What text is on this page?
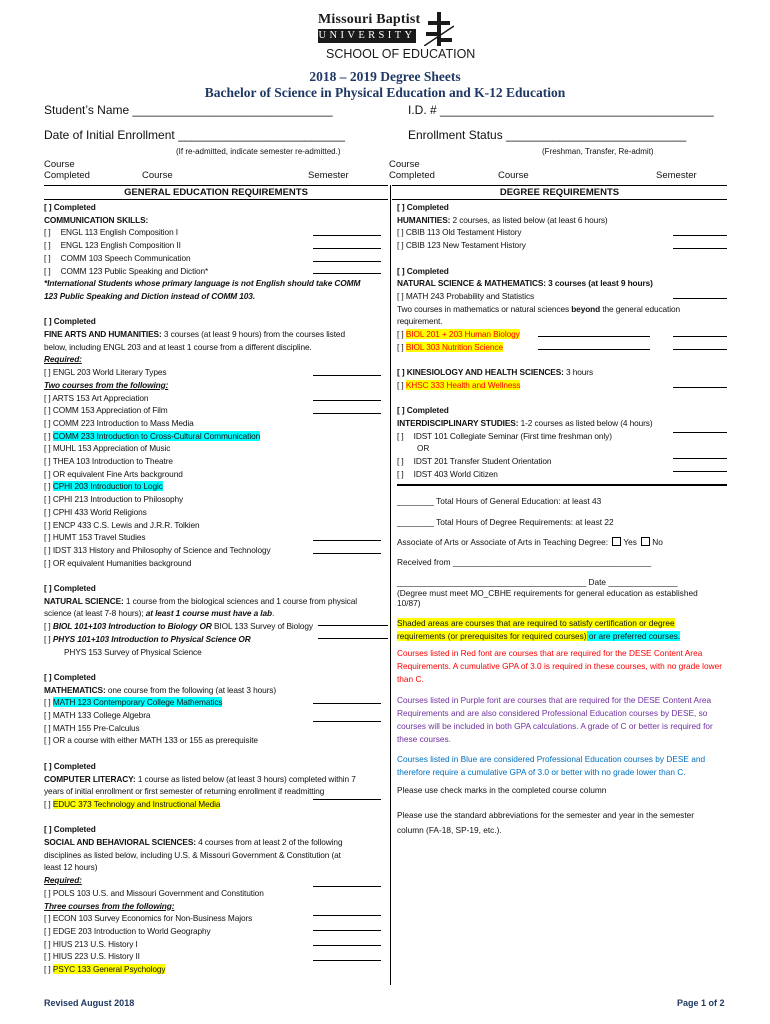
Missouri Baptist
UNIVERSITY
SCHOOL OF EDUCATION
2018 – 2019 Degree Sheets
Bachelor of Science in Physical Education and K-12 Education
Student’s Name ______________________________	I.D. # _________________________________________
Date of Initial Enrollment _________________________	Enrollment Status ___________________________
(If re-admitted, indicate semester re-admitted.)	(Freshman, Transfer, Re-admit)
Course
Completed	Course	Semester
Course
Completed	Course	Semester
GENERAL EDUCATION REQUIREMENTS	DEGREE REQUIREMENTS
[ ] Completed
COMMUNICATION SKILLS:
[ ] ENGL 113 English Composition I
[ ] ENGL 123 English Composition II
[ ] COMM 103 Speech Communication
[ ] COMM 123 Public Speaking and Diction*
*International Students whose primary language is not English should take COMM
123 Public Speaking and Diction instead of COMM 103.
[ ] Completed
FINE ARTS AND HUMANITIES: 3 courses (at least 9 hours) from the courses listed
below, including ENGL 203 and at least 1 course from a different discipline.
Required:
[ ] ENGL 203 World Literary Types
Two courses from the following:
[ ] ARTS 153 Art Appreciation
[ ] COMM 153 Appreciation of Film
[ ] COMM 223 Introduction to Mass Media
[ ] COMM 233 Introduction to Cross-Cultural Communication
[ ] MUHL 153 Appreciation of Music
[ ] THEA 103 Introduction to Theatre
[ ] OR equivalent Fine Arts background
[ ] CPHI 203 Introduction to Logic
[ ] CPHI 213 Introduction to Philosophy
[ ] CPHI 433 World Religions
[ ] ENCP 433 C.S. Lewis and J.R.R. Tolkien
[ ] HUMT 153 Travel Studies
[ ] IDST 313 History and Philosophy of Science and Technology
[ ] OR equivalent Humanities background
[ ] Completed
NATURAL SCIENCE: 1 course from the biological sciences and 1 course from physical
science (at least 7-8 hours); at least 1 course must have a lab.
[ ] BIOL 101+103 Introduction to Biology OR BIOL 133 Survey of Biology
[ ] PHYS 101+103 Introduction to Physical Science OR
PHYS 153 Survey of Physical Science
[ ] Completed
MATHEMATICS: one course from the following (at least 3 hours)
[ ] MATH 123 Contemporary College Mathematics
[ ] MATH 133 College Algebra
[ ] MATH 155 Pre-Calculus
[ ] OR a course with either MATH 133 or 155 as prerequisite
[ ] Completed
COMPUTER LITERACY: 1 course as listed below (at least 3 hours) completed within 7
years of initial enrollment or first semester of returning enrollment if readmitting
[ ] EDUC 373 Technology and Instructional Media
[ ] Completed
SOCIAL AND BEHAVIORAL SCIENCES: 4 courses from at least 2 of the following
disciplines as listed below, including U.S. & Missouri Government & Constitution (at
least 12 hours)
Required:
[ ] POLS 103 U.S. and Missouri Government and Constitution
Three courses from the following:
[ ] ECON 103 Survey Economics for Non-Business Majors
[ ] EDGE 203 Introduction to World Geography
[ ] HIUS 213 U.S. History I
[ ] HIUS 223 U.S. History II
[ ] PSYC 133 General Psychology
[ ] Completed
HUMANITIES: 2 courses, as listed below (at least 6 hours)
[ ] CBIB 113 Old Testament History
[ ] CBIB 123 New Testament History
[ ] Completed
NATURAL SCIENCE & MATHEMATICS: 3 courses (at least 9 hours)
[ ] MATH 243 Probability and Statistics
Two courses in mathematics or natural sciences beyond the general education
requirement.
[ ] BIOL 201 + 203 Human Biology
[ ] BIOL 303 Nutrition Science
[ ] KINESIOLOGY AND HEALTH SCIENCES: 3 hours
[ ] KHSC 333 Health and Wellness
[ ] Completed
INTERDISCIPLINARY STUDIES: 1-2 courses as listed below (4 hours)
[ ] IDST 101 Collegiate Seminar (First time freshman only)
OR
[ ] IDST 201 Transfer Student Orientation
[ ] IDST 403 World Citizen
________ Total Hours of General Education: at least 43
________ Total Hours of Degree Requirements: at least 22
Associate of Arts or Associate of Arts in Teaching Degree: Yes No
Received from ___________________________________________
_________________________________________ Date _______________
(Degree must meet MO_CBHE requirements for general education as established
10/87)
Shaded areas are courses that are required to satisfy certification or degree requirements (or prerequisites for required courses) or are preferred courses.
Courses listed in Red font are courses that are required for the DESE Content Area Requirements. A cumulative GPA of 3.0 is required in these courses, with no grade lower than C.
Courses listed in Purple font are courses that are required for the DESE Content Area Requirements and are also considered Professional Education courses by DESE, so courses will be included in both GPA calculations. A grade of C or better is required for these courses.
Courses listed in Blue are considered Professional Education courses by DESE and therefore require a cumulative GPA of 3.0 or better with no grade lower than C.
Please use check marks in the completed course column
Please use the standard abbreviations for the semester and year in the semester column (FA-18, SP-19, etc.).
Revised August 2018	Page 1 of 2
